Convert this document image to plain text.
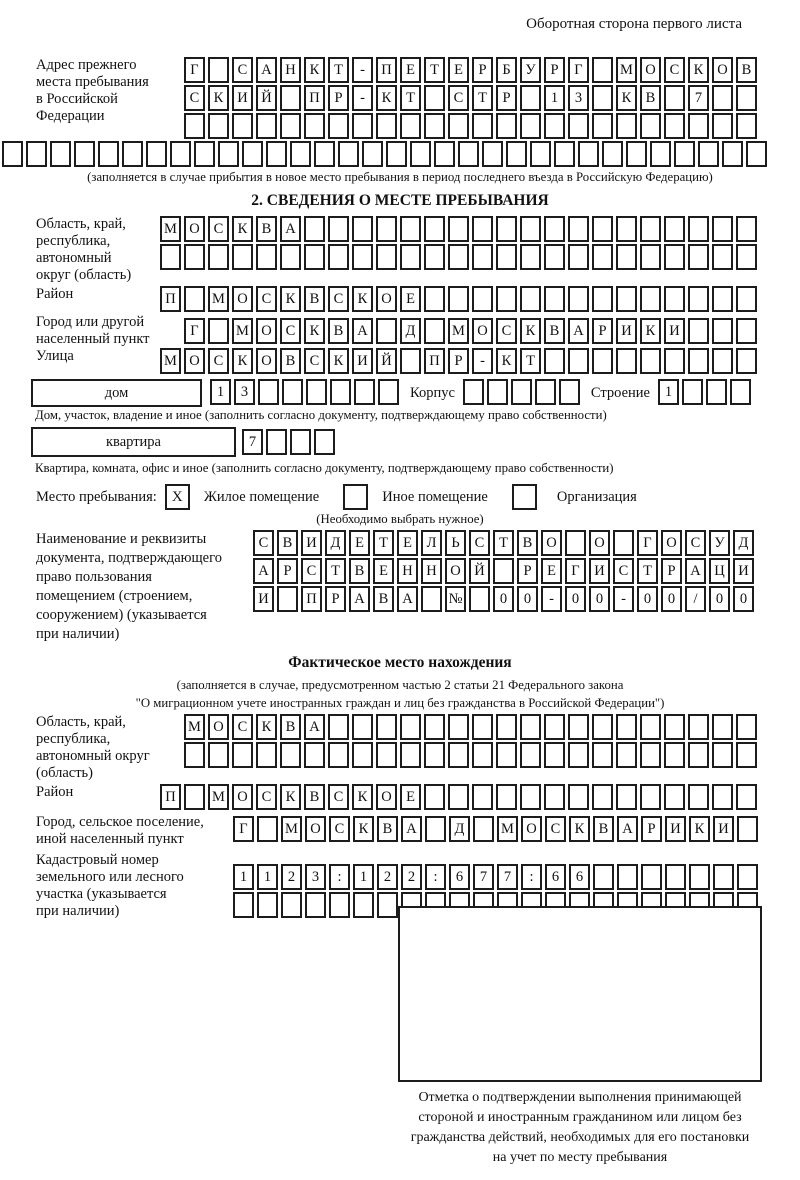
Оборотная сторона первого листа
Адрес прежнего
места пребывания
в Российской
Федерации
Г	С А Н К	Т	-	П Е	Т	Е	Р	Б	У	Р	Г	М О С К О В
С К И Й	П	Р	-	К	Т	С	Т	Р	1	3	К В	7
(заполняется в случае прибытия в новое место пребывания в период последнего въезда в Российскую Федерацию)
2. СВЕДЕНИЯ О МЕСТЕ ПРЕБЫВАНИЯ
Область, край,
республика,
автономный
округ (область)
М О С К В А
Район	П	М О С К В С К О Е
Город или другой
населенный пункт
Г	М О С К В А	Д	М О С К В А	Р	И К И
Улица	М О С К О В С К И Й	П	Р	-	К	Т
дом	1	3	Корпус	Строение	1
Дом, участок, владение и иное (заполнить согласно документу, подтверждающему право собственности)
квартира	7
Квартира, комната, офис и иное (заполнить согласно документу, подтверждающему право собственности)
Место пребывания:	X	Жилое помещение	Иное помещение	Организация
(Необходимо выбрать нужное)
Наименование и реквизиты
документа, подтверждающего
право пользования
помещением (строением,
сооружением) (указывается
при наличии)
С В И Д	Е	Т	Е	Л	Ь	С	Т	В О	О	Г	О С У Д
А	Р	С	Т	В	Е Н Н О Й	Р	Е	Г	И С	Т	Р	А Ц И
И	П	Р	А В А	№	0	0	-	0	0	-	0	0	/	0	0
Фактическое место нахождения
(заполняется в случае, предусмотренном частью 2 статьи 21 Федерального закона
"О миграционном учете иностранных граждан и лиц без гражданства в Российской Федерации")
Область, край,
республика,
автономный округ
(область)
М О С К В А
Район	П	М О С К В С К О Е
Город, сельское поселение,
иной населенный пункт
Г	М О С К В А	Д	М О С К В А	Р	И К И
Кадастровый номер
земельного или лесного
участка (указывается
при наличии)
1	1	2	3	:	1	2	2	:	6	7	7	:	6	6
Отметка о подтверждении выполнения принимающей
стороной и иностранным гражданином или лицом без
гражданства действий, необходимых для его постановки
на учет по месту пребывания
